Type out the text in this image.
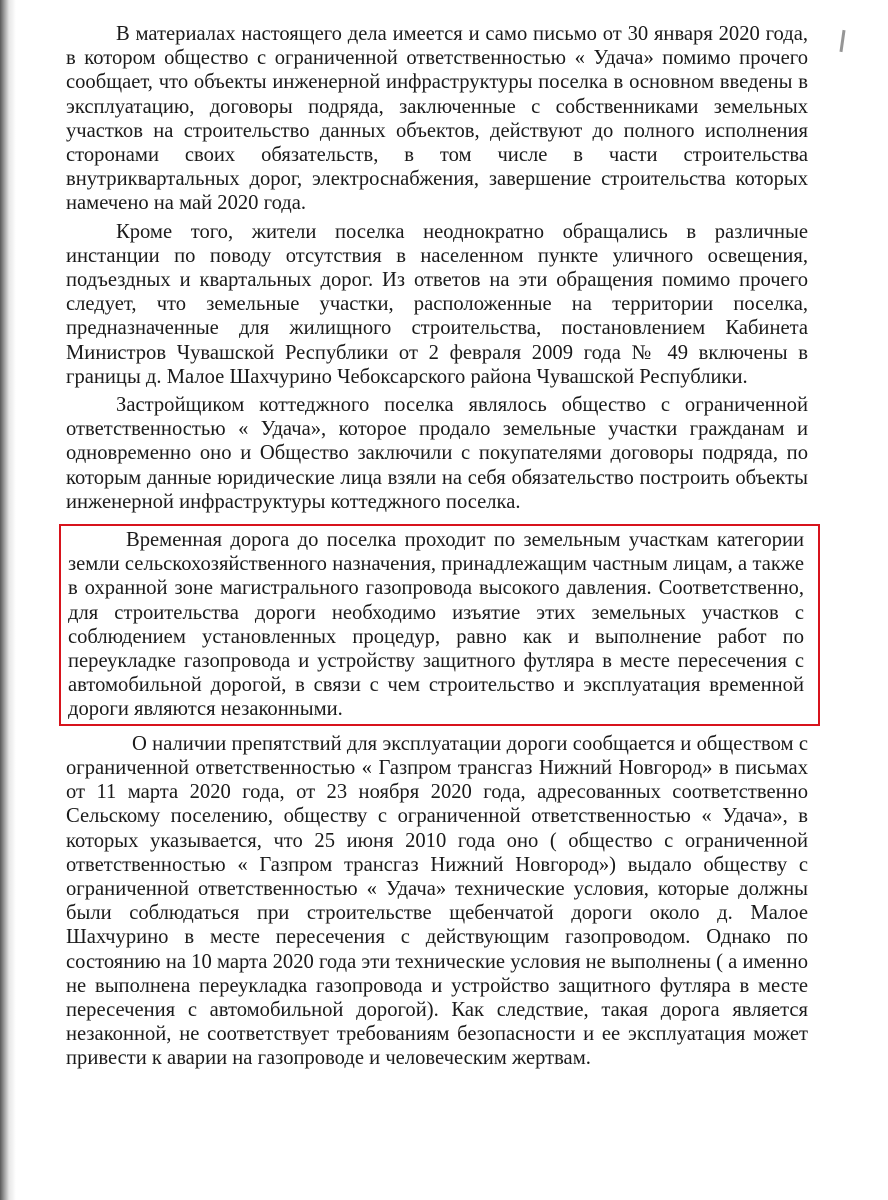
В материалах настоящего дела имеется и само письмо от 30 января 2020 года, в котором общество с ограниченной ответственностью « Удача» помимо прочего сообщает, что объекты инженерной инфраструктуры поселка в основном введены в эксплуатацию, договоры подряда, заключенные с собственниками земельных участков на строительство данных объектов, действуют до полного исполнения сторонами своих обязательств, в том числе в части строительства внутриквартальных дорог, электроснабжения, завершение строительства которых намечено на май 2020 года.

Кроме того, жители поселка неоднократно обращались в различные инстанции по поводу отсутствия в населенном пункте уличного освещения, подъездных и квартальных дорог. Из ответов на эти обращения помимо прочего следует, что земельные участки, расположенные на территории поселка, предназначенные для жилищного строительства, постановлением Кабинета Министров Чувашской Республики от 2 февраля 2009 года № 49 включены в границы д. Малое Шахчурино Чебоксарского района Чувашской Республики.

Застройщиком коттеджного поселка являлось общество с ограниченной ответственностью « Удача», которое продало земельные участки гражданам и одновременно оно и Общество заключили с покупателями договоры подряда, по которым данные юридические лица взяли на себя обязательство построить объекты инженерной инфраструктуры коттеджного поселка.

Временная дорога до поселка проходит по земельным участкам категории земли сельскохозяйственного назначения, принадлежащим частным лицам, а также в охранной зоне магистрального газопровода высокого давления. Соответственно, для строительства дороги необходимо изъятие этих земельных участков с соблюдением установленных процедур, равно как и выполнение работ по переукладке газопровода и устройству защитного футляра в месте пересечения с автомобильной дорогой, в связи с чем строительство и эксплуатация временной дороги являются незаконными.

О наличии препятствий для эксплуатации дороги сообщается и обществом с ограниченной ответственностью « Газпром трансгаз Нижний Новгород» в письмах от 11 марта 2020 года, от 23 ноября 2020 года, адресованных соответственно Сельскому поселению, обществу с ограниченной ответственностью « Удача», в которых указывается, что 25 июня 2010 года оно ( общество с ограниченной ответственностью « Газпром трансгаз Нижний Новгород») выдало обществу с ограниченной ответственностью « Удача» технические условия, которые должны были соблюдаться при строительстве щебенчатой дороги около д. Малое Шахчурино в месте пересечения с действующим газопроводом. Однако по состоянию на 10 марта 2020 года эти технические условия не выполнены ( а именно не выполнена переукладка газопровода и устройство защитного футляра в месте пересечения с автомобильной дорогой). Как следствие, такая дорога является незаконной, не соответствует требованиям безопасности и ее эксплуатация может привести к аварии на газопроводе и человеческим жертвам.
